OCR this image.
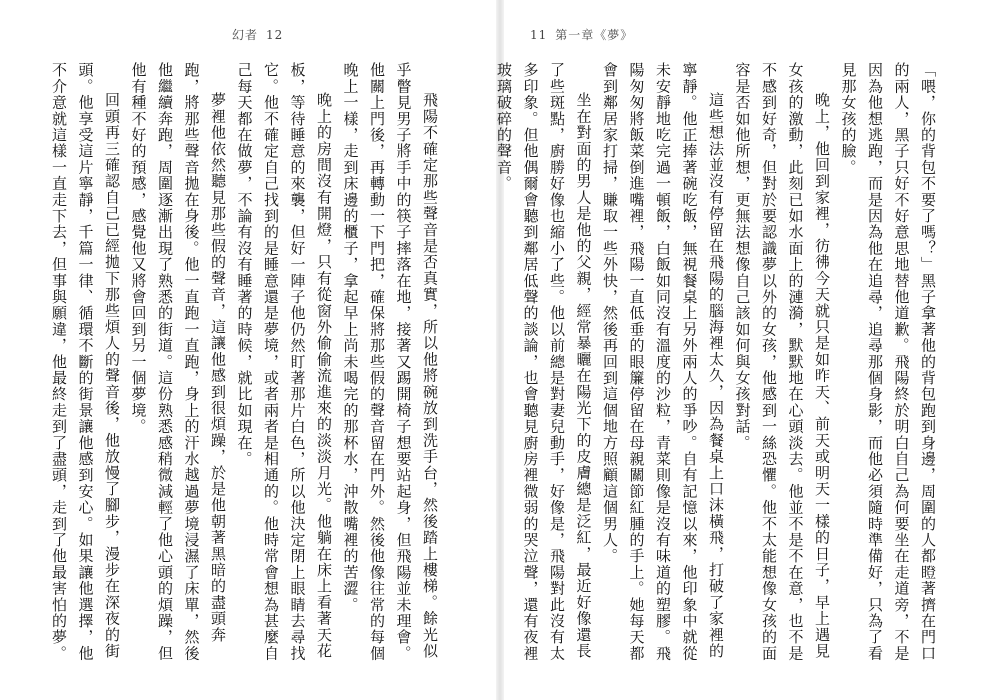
幻者 12

飛陽不確定那些聲音是否真實，所以他將碗放到洗手台，然後踏上樓梯。餘光似乎瞥見男子將手中的筷子摔落在地，接著又踢開椅子想要站起身，但飛陽並未理會。他關上門後，再轉動一下門把，確保將那些假的聲音留在門外。然後他像往常的每個晚上一樣，走到床邊的櫃子，拿起早上尚未喝完的那杯水，沖散嘴裡的苦澀。

晚上的房間沒有開燈，只有從窗外偷偷流進來的淡淡月光。他躺在床上看著天花板，等待睡意的來襲，但好一陣子他仍然盯著那片白色，所以他決定閉上眼睛去尋找它。他不確定自己找到的是睡意還是夢境，或者兩者是相通的。他時常會想為甚麼自己每天都在做夢，不論有沒有睡著的時候，就比如現在。

夢裡他依然聽見那些假的聲音，這讓他感到很煩躁，於是他朝著黑暗的盡頭奔跑，將那些聲音拋在身後。他一直跑一直跑，身上的汗水越過夢境浸濕了床單，然後他繼續奔跑，周圍逐漸出現了熟悉的街道。這份熟悉感稍微減輕了他心頭的煩躁，但他有種不好的預感，感覺他又將會回到另一個夢境。

回頭再三確認自己已經拋下那些煩人的聲音後，他放慢了腳步，漫步在深夜的街頭。他享受這片寧靜，千篇一律、循環不斷的街景讓他感到安心。如果讓他選擇，他不介意就這樣一直走下去，但事與願違，他最終走到了盡頭，走到了他最害怕的夢。

11 第一章《夢》

「喂，你的背包不要了嗎？」黑子拿著他的背包跑到身邊，周圍的人都瞪著擠在門口的兩人，黑子只好不好意思地替他道歉。飛陽終於明白自己為何要坐在走道旁，不是因為他想逃跑，而是因為他在追尋，追尋那個身影，而他必須隨時準備好，只為了看見那女孩的臉。

晚上，他回到家裡，彷彿今天就只是如昨天、前天或明天一樣的日子，早上遇見女孩的激動，此刻已如水面上的漣漪，默默地在心頭淡去。他並不是不在意，也不是不感到好奇，但對於要認識夢以外的女孩，他感到一絲恐懼。他不太能想像女孩的面容是否如他所想，更無法想像自己該如何與女孩對話。

這些想法並沒有停留在飛陽的腦海裡太久，因為餐桌上口沫橫飛，打破了家裡的寧靜。他正捧著碗吃飯，無視餐桌上另外兩人的爭吵。自有記憶以來，他印象中就從未安靜地吃完過一頓飯，白飯如同沒有溫度的沙粒，青菜則像是沒有味道的塑膠。飛陽匆匆將飯菜倒進嘴裡，飛陽一直低垂的眼簾停留在母親關節紅腫的手上。她每天都會到鄰居家打掃，賺取一些外快，然後再回到這個地方照顧這個男人。

坐在對面的男人是他的父親，經常暴曬在陽光下的皮膚總是泛紅，最近好像還長了些斑點，廚勝好像也縮小了些。他以前總是對妻兒動手，好像是，飛陽對此沒有太多印象。但他偶爾會聽到鄰居低聲的談論，也會聽見廚房裡微弱的哭泣聲，還有夜裡玻璃破碎的聲音。
